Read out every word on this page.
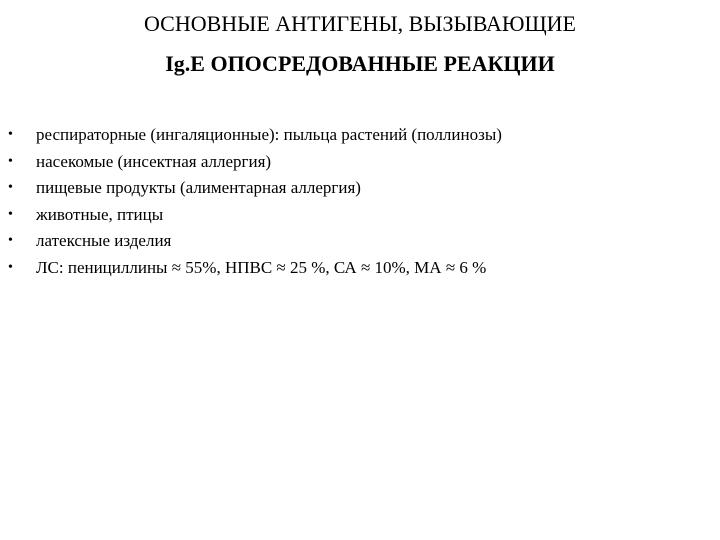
ОСНОВНЫЕ АНТИГЕНЫ, ВЫЗЫВАЮЩИЕ
Ig.E ОПОСРЕДОВАННЫЕ РЕАКЦИИ
• респираторные (ингаляционные): пыльца растений (поллинозы)
• насекомые (инсектная аллергия)
• пищевые продукты (алиментарная аллергия)
• животные, птицы
• латексные изделия
• ЛС: пенициллины ≈ 55%, НПВС ≈ 25 %, СА ≈ 10%, МА ≈ 6 %
